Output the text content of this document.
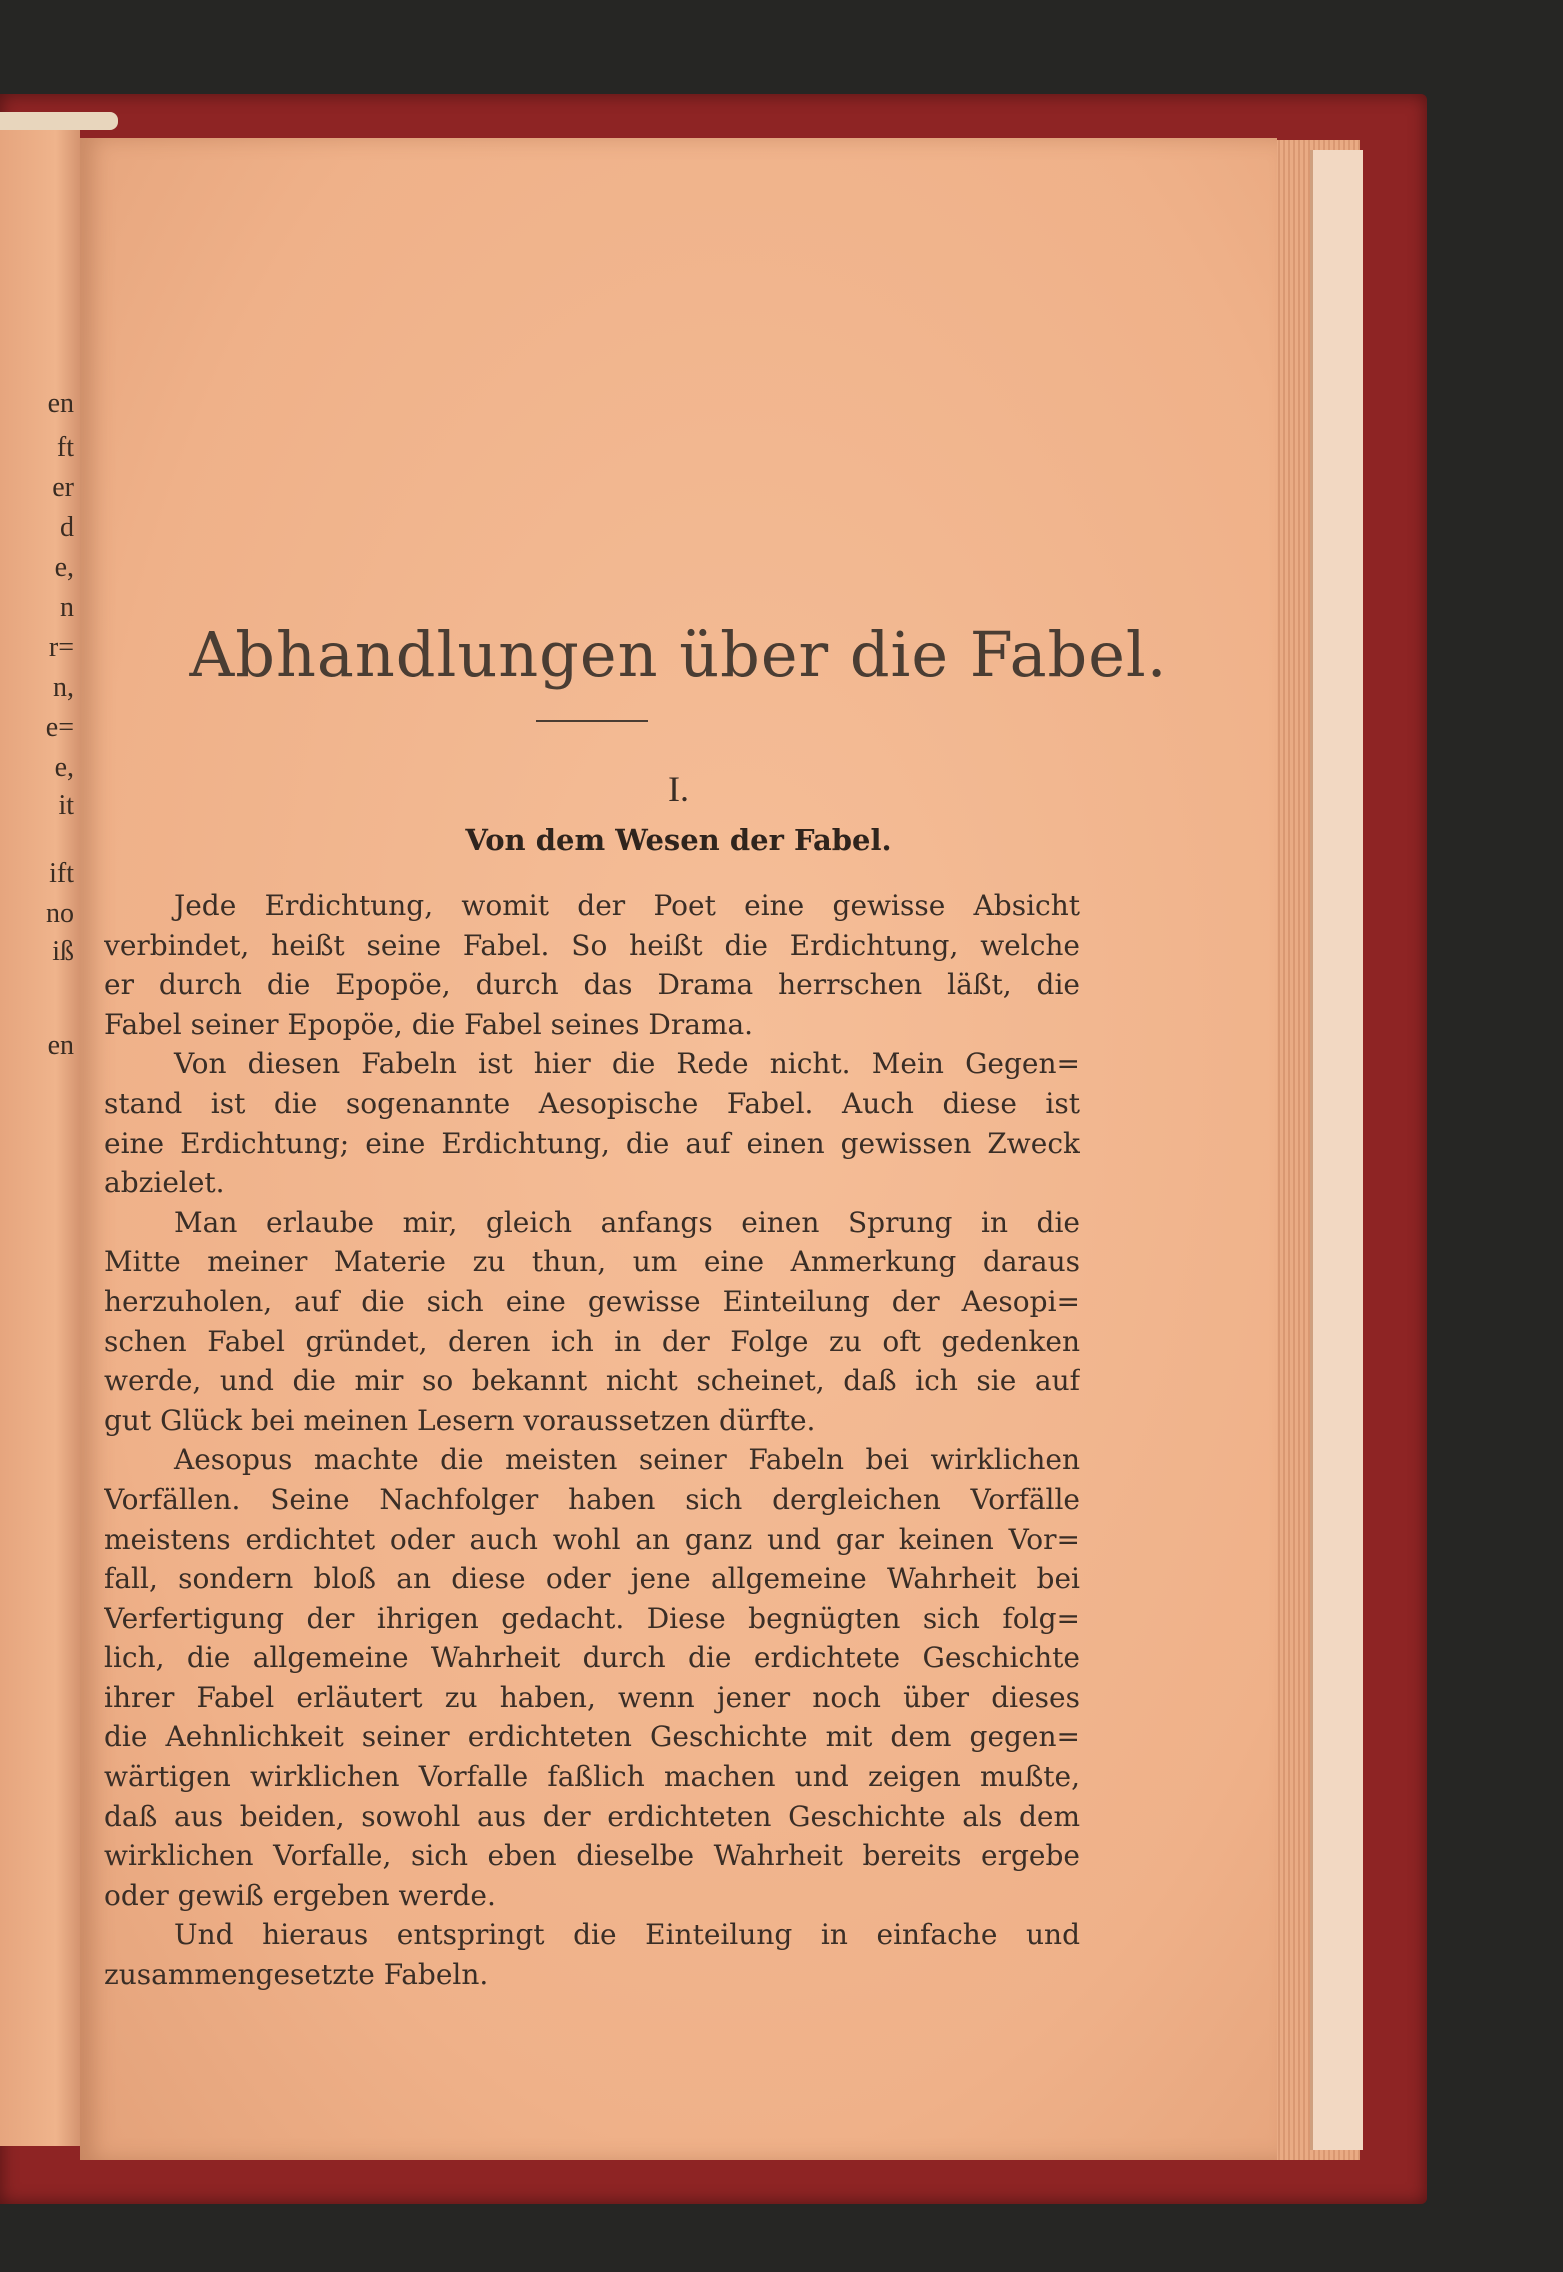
en
ft
er
d
e,
n
r=
n,
e=
e,
it
ift
no
iß
en
Abhandlungen über die Fabel.
I.
Von dem Wesen der Fabel.
Jede Erdichtung, womit der Poet eine gewisse Absicht
verbindet, heißt seine Fabel. So heißt die Erdichtung, welche
er durch die Epopöe, durch das Drama herrschen läßt, die
Fabel seiner Epopöe, die Fabel seines Drama.
Von diesen Fabeln ist hier die Rede nicht. Mein Gegen=
stand ist die sogenannte Aesopische Fabel. Auch diese ist
eine Erdichtung; eine Erdichtung, die auf einen gewissen Zweck
abzielet.
Man erlaube mir, gleich anfangs einen Sprung in die
Mitte meiner Materie zu thun, um eine Anmerkung daraus
herzuholen, auf die sich eine gewisse Einteilung der Aesopi=
schen Fabel gründet, deren ich in der Folge zu oft gedenken
werde, und die mir so bekannt nicht scheinet, daß ich sie auf
gut Glück bei meinen Lesern voraussetzen dürfte.
Aesopus machte die meisten seiner Fabeln bei wirklichen
Vorfällen. Seine Nachfolger haben sich dergleichen Vorfälle
meistens erdichtet oder auch wohl an ganz und gar keinen Vor=
fall, sondern bloß an diese oder jene allgemeine Wahrheit bei
Verfertigung der ihrigen gedacht. Diese begnügten sich folg=
lich, die allgemeine Wahrheit durch die erdichtete Geschichte
ihrer Fabel erläutert zu haben, wenn jener noch über dieses
die Aehnlichkeit seiner erdichteten Geschichte mit dem gegen=
wärtigen wirklichen Vorfalle faßlich machen und zeigen mußte,
daß aus beiden, sowohl aus der erdichteten Geschichte als dem
wirklichen Vorfalle, sich eben dieselbe Wahrheit bereits ergebe
oder gewiß ergeben werde.
Und hieraus entspringt die Einteilung in einfache und
zusammengesetzte Fabeln.
